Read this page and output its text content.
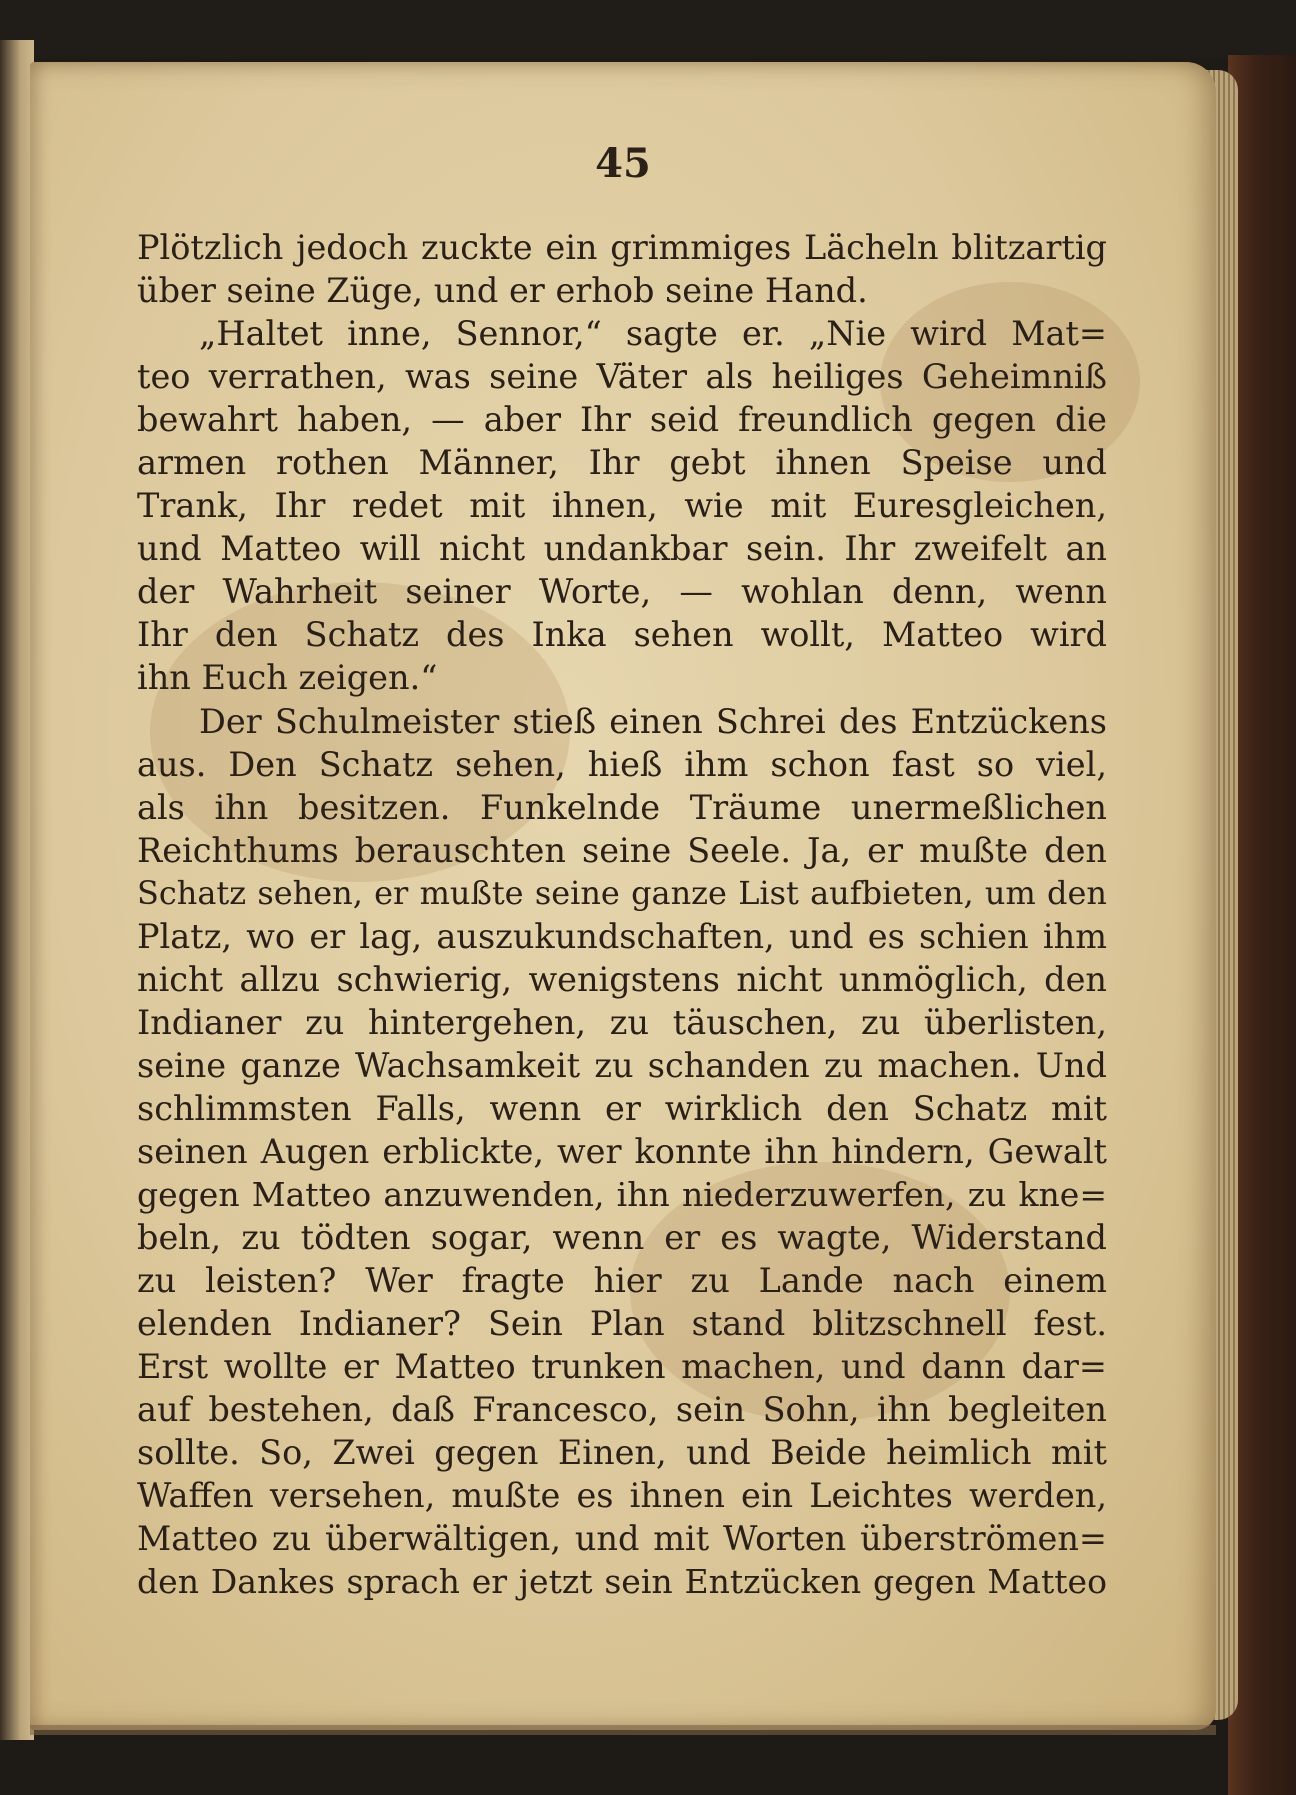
45
Plötzlich jedoch zuckte ein grimmiges Lächeln blitzartig
über seine Züge, und er erhob seine Hand.
„Haltet inne, Sennor,“ sagte er. „Nie wird Mat=
teo verrathen, was seine Väter als heiliges Geheimniß
bewahrt haben, — aber Ihr seid freundlich gegen die
armen rothen Männer, Ihr gebt ihnen Speise und
Trank, Ihr redet mit ihnen, wie mit Euresgleichen,
und Matteo will nicht undankbar sein. Ihr zweifelt an
der Wahrheit seiner Worte, — wohlan denn, wenn
Ihr den Schatz des Inka sehen wollt, Matteo wird
ihn Euch zeigen.“
Der Schulmeister stieß einen Schrei des Entzückens
aus. Den Schatz sehen, hieß ihm schon fast so viel,
als ihn besitzen. Funkelnde Träume unermeßlichen
Reichthums berauschten seine Seele. Ja, er mußte den
Schatz sehen, er mußte seine ganze List aufbieten, um den
Platz, wo er lag, auszukundschaften, und es schien ihm
nicht allzu schwierig, wenigstens nicht unmöglich, den
Indianer zu hintergehen, zu täuschen, zu überlisten,
seine ganze Wachsamkeit zu schanden zu machen. Und
schlimmsten Falls, wenn er wirklich den Schatz mit
seinen Augen erblickte, wer konnte ihn hindern, Gewalt
gegen Matteo anzuwenden, ihn niederzuwerfen, zu kne=
beln, zu tödten sogar, wenn er es wagte, Widerstand
zu leisten? Wer fragte hier zu Lande nach einem
elenden Indianer? Sein Plan stand blitzschnell fest.
Erst wollte er Matteo trunken machen, und dann dar=
auf bestehen, daß Francesco, sein Sohn, ihn begleiten
sollte. So, Zwei gegen Einen, und Beide heimlich mit
Waffen versehen, mußte es ihnen ein Leichtes werden,
Matteo zu überwältigen, und mit Worten überströmen=
den Dankes sprach er jetzt sein Entzücken gegen Matteo
